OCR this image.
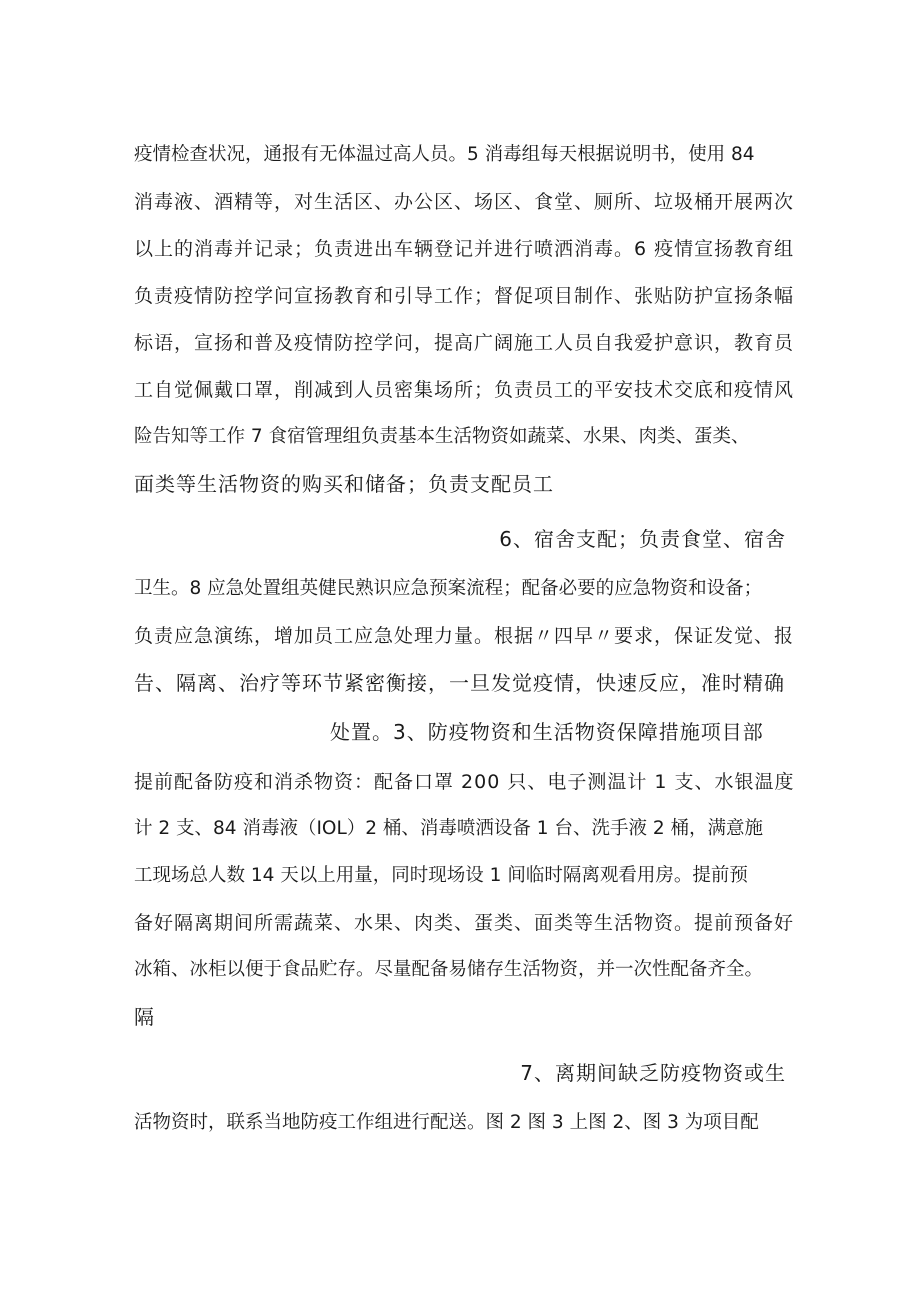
疫情检查状况，通报有无体温过高人员。5 消毒组每天根据说明书，使用 84
消毒液、酒精等，对生活区、办公区、场区、食堂、厕所、垃圾桶开展两次
以上的消毒并记录；负责进出车辆登记并进行喷洒消毒。6 疫情宣扬教育组
负责疫情防控学问宣扬教育和引导工作；督促项目制作、张贴防护宣扬条幅
标语，宣扬和普及疫情防控学问，提高广阔施工人员自我爱护意识，教育员
工自觉佩戴口罩，削减到人员密集场所；负责员工的平安技术交底和疫情风
险告知等工作 7 食宿管理组负责基本生活物资如蔬菜、水果、肉类、蛋类、
面类等生活物资的购买和储备；负责支配员工
6、宿舍支配；负责食堂、宿舍
卫生。8 应急处置组英健民熟识应急预案流程；配备必要的应急物资和设备；
负责应急演练，增加员工应急处理力量。根据〃四早〃要求，保证发觉、报
告、隔离、治疗等环节紧密衡接，一旦发觉疫情，快速反应，准时精确
处置。3、防疫物资和生活物资保障措施项目部
提前配备防疫和消杀物资：配备口罩 200 只、电子测温计 1 支、水银温度
计 2 支、84 消毒液（IOL）2 桶、消毒喷洒设备 1 台、洗手液 2 桶，满意施
工现场总人数 14 天以上用量，同时现场设 1 间临时隔离观看用房。提前预
备好隔离期间所需蔬菜、水果、肉类、蛋类、面类等生活物资。提前预备好
冰箱、冰柜以便于食品贮存。尽量配备易储存生活物资，并一次性配备齐全。
隔
7、离期间缺乏防疫物资或生
活物资时，联系当地防疫工作组进行配送。图 2 图 3 上图 2、图 3 为项目配
